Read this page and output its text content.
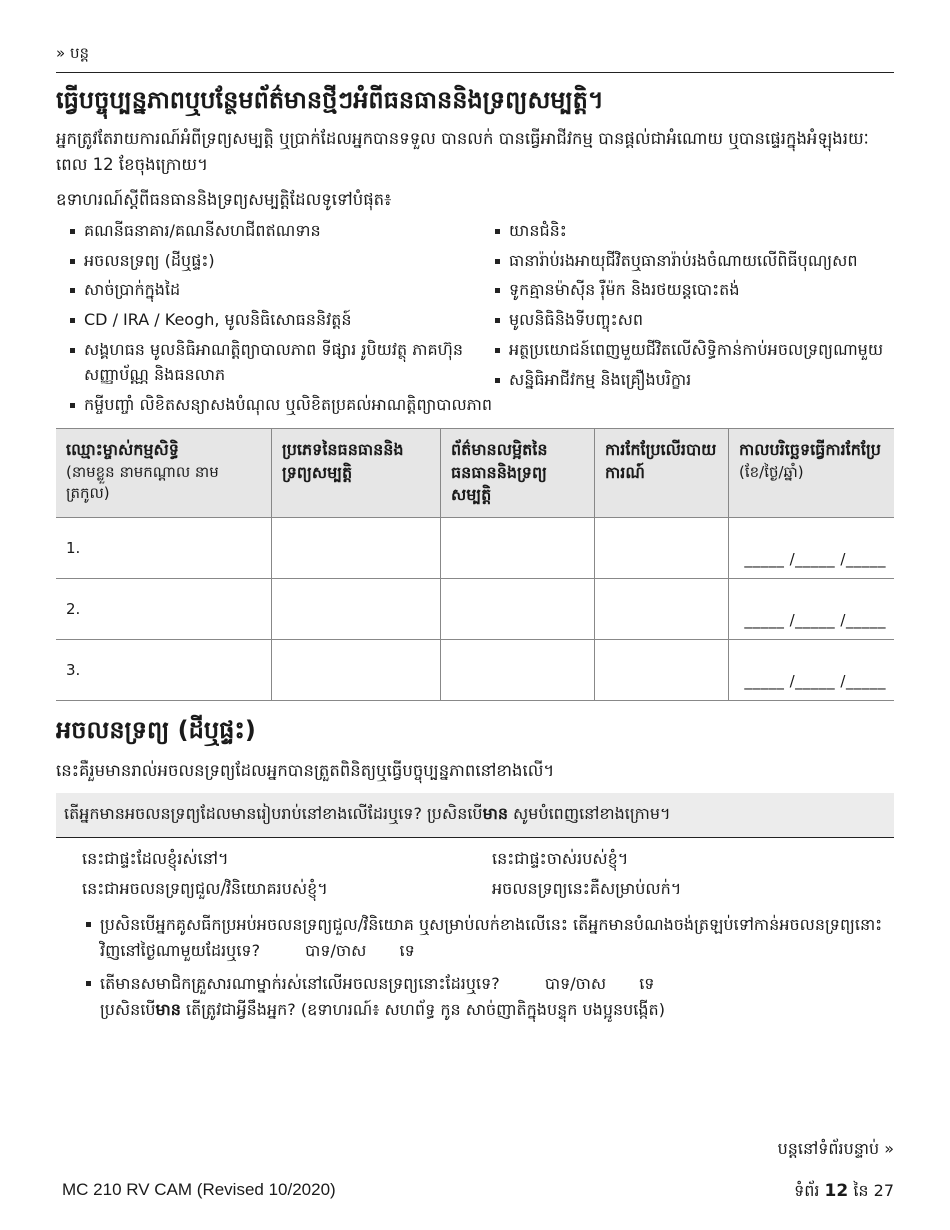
» បន្ត
ធ្វើបច្ចុប្បន្នភាពឬបន្ថែមព័ត៌មានថ្មីៗអំពីធនធាននិងទ្រព្យសម្បត្តិ។

អ្នកត្រូវតែរាយការណ៍អំពីទ្រព្យសម្បត្តិ ឬប្រាក់ដែលអ្នកបានទទួល បានលក់ បានធ្វើអាជីវកម្ម បានផ្តល់ជាអំណោយ ឬបានផ្ទេរក្នុងអំឡុងរយៈពេល 12 ខែចុងក្រោយ។

ឧទាហរណ៍ស្តីពីធនធាននិងទ្រព្យសម្បត្តិដែលទូទៅបំផុត៖

គណនីធនាគារ/គណនីសហជីពឥណទាន
អចលនទ្រព្យ (ដីឬផ្ទះ)
សាច់ប្រាក់ក្នុងដៃ
CD / IRA / Keogh, មូលនិធិសោធននិវត្តន៍
សង្គហធន មូលនិធិអាណត្តិព្យាបាលភាព ទីផ្សារ រូបិយវត្ថុ ភាគហ៊ុន សញ្ញាប័ណ្ណ និងធនលាភ
កម្ចីបញ្ចាំ លិខិតសន្យាសងបំណុល ឬលិខិតប្រគល់អាណត្តិព្យាបាលភាព
យានជំនិះ
ធានារ៉ាប់រងអាយុជីវិតឬធានារ៉ាប់រងចំណាយលើពិធីបុណ្យសព
ទូកគ្មានម៉ាស៊ីន រ៉ឺម៉ក និងរថយន្តបោះតង់
មូលនិធិនិងទីបញ្ចុះសព
អត្ថប្រយោជន៍ពេញមួយជីវិតលើសិទ្ធិកាន់កាប់អចលទ្រព្យណាមួយ
សន្និធិអាជីវកម្ម និងគ្រឿងបរិក្ខារ
ឈ្មោះម្ចាស់កម្មសិទ្ធិ
(នាមខ្លួន នាមកណ្តាល នាមត្រកូល)	ប្រភេទនៃធនធាននិងទ្រព្យសម្បត្តិ	ព័ត៌មានលម្អិតនៃធនធាននិងទ្រព្យសម្បត្តិ	ការកែប្រែលើរបាយការណ៍	កាលបរិច្ឆេទធ្វើការកែប្រែ
(ខែ/ថ្ងៃ/ឆ្នាំ)

1.				_____ /_____ /_____

2.				_____ /_____ /_____

3.				_____ /_____ /_____
អចលនទ្រព្យ (ដីឬផ្ទះ)

នេះគឺរួមមានរាល់អចលនទ្រព្យដែលអ្នកបានត្រួតពិនិត្យឬធ្វើបច្ចុប្បន្នភាពនៅខាងលើ។

តើអ្នកមានអចលនទ្រព្យដែលមានរៀបរាប់នៅខាងលើដែរឬទេ? ប្រសិនបើមាន សូមបំពេញនៅខាងក្រោម។
នេះជាផ្ទះដែលខ្ញុំរស់នៅ។	នេះជាផ្ទះចាស់របស់ខ្ញុំ។
នេះជាអចលនទ្រព្យជួល/វិនិយោគរបស់ខ្ញុំ។	អចលនទ្រព្យនេះគឺសម្រាប់លក់។
ប្រសិនបើអ្នកគូសធីកប្រអប់អចលនទ្រព្យជួល/វិនិយោគ ឬសម្រាប់លក់ខាងលើនេះ តើអ្នកមានបំណងចង់ត្រឡប់ទៅកាន់អចលនទ្រព្យនោះវិញនៅថ្ងៃណាមួយដែរឬទេ?	បាទ/ចាស ទេ
តើមានសមាជិកគ្រួសារណាម្នាក់រស់នៅលើអចលនទ្រព្យនោះដែរឬទេ?	បាទ/ចាស ទេ
ប្រសិនបើមាន តើត្រូវជាអ្វីនឹងអ្នក? (ឧទាហរណ៍៖ សហព័ទ្ធ កូន សាច់ញាតិក្នុងបន្ទុក បងប្អូនបង្កើត)
បន្តនៅទំព័របន្ទាប់ »
MC 210 RV CAM (Revised 10/2020)	ទំព័រ 12 នៃ 27
